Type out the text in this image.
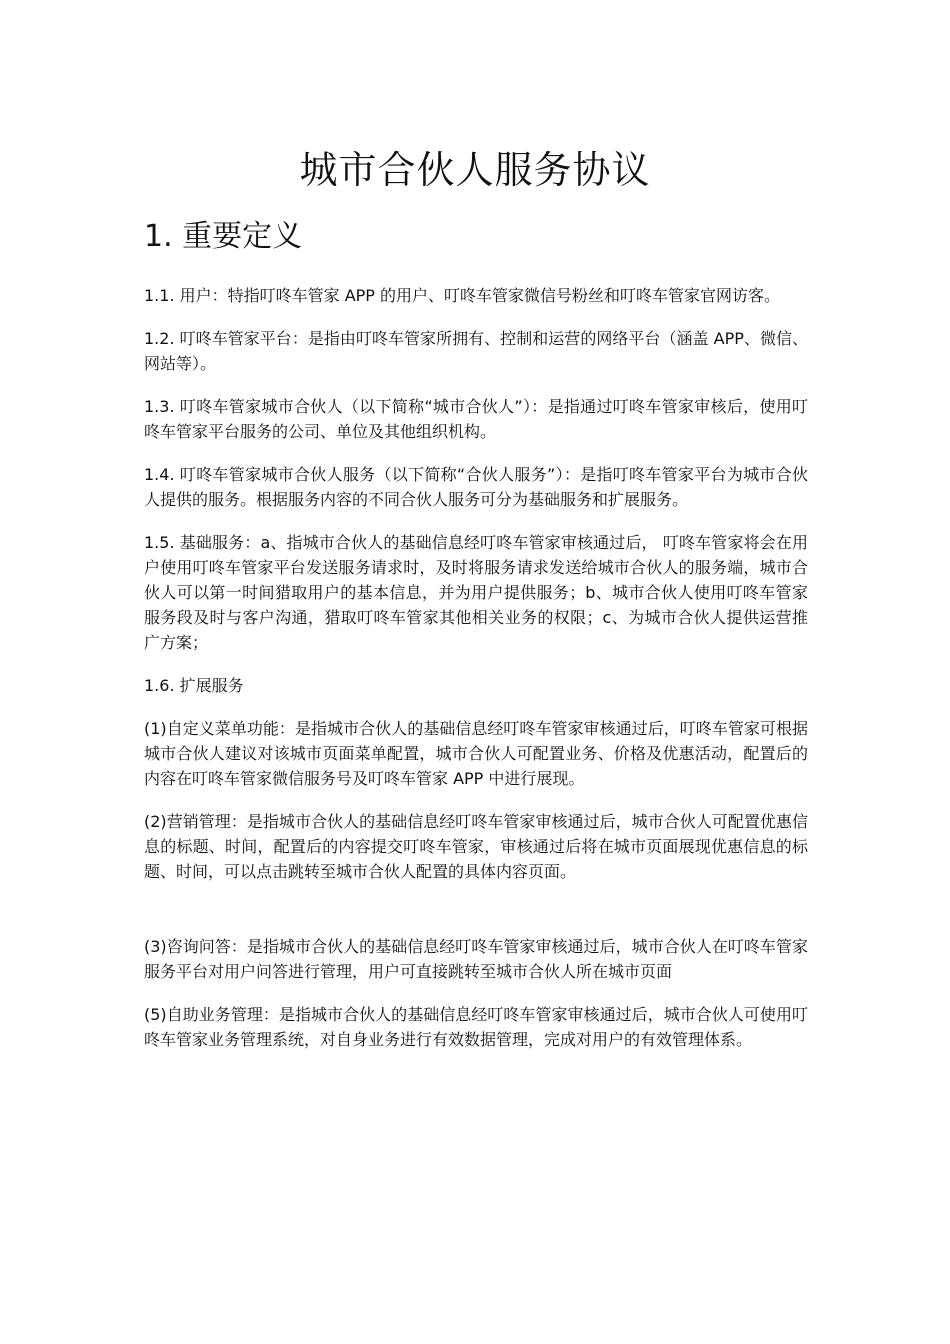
城市合伙人服务协议
1. 重要定义

1.1. 用户：特指叮咚车管家 APP 的用户、叮咚车管家微信号粉丝和叮咚车管家官网访客。

1.2. 叮咚车管家平台：是指由叮咚车管家所拥有、控制和运营的网络平台（涵盖 APP、微信、网站等）。

1.3. 叮咚车管家城市合伙人（以下简称“城市合伙人”）：是指通过叮咚车管家审核后，使用叮咚车管家平台服务的公司、单位及其他组织机构。

1.4. 叮咚车管家城市合伙人服务（以下简称“合伙人服务”）：是指叮咚车管家平台为城市合伙人提供的服务。根据服务内容的不同合伙人服务可分为基础服务和扩展服务。

1.5. 基础服务：a、指城市合伙人的基础信息经叮咚车管家审核通过后， 叮咚车管家将会在用户使用叮咚车管家平台发送服务请求时，及时将服务请求发送给城市合伙人的服务端，城市合伙人可以第一时间猎取用户的基本信息，并为用户提供服务；b、城市合伙人使用叮咚车管家服务段及时与客户沟通，猎取叮咚车管家其他相关业务的权限；c、为城市合伙人提供运营推广方案；

1.6. 扩展服务

(1)自定义菜单功能：是指城市合伙人的基础信息经叮咚车管家审核通过后，叮咚车管家可根据城市合伙人建议对该城市页面菜单配置，城市合伙人可配置业务、价格及优惠活动，配置后的内容在叮咚车管家微信服务号及叮咚车管家 APP 中进行展现。

(2)营销管理：是指城市合伙人的基础信息经叮咚车管家审核通过后，城市合伙人可配置优惠信息的标题、时间，配置后的内容提交叮咚车管家，审核通过后将在城市页面展现优惠信息的标题、时间，可以点击跳转至城市合伙人配置的具体内容页面。

(3)咨询问答：是指城市合伙人的基础信息经叮咚车管家审核通过后，城市合伙人在叮咚车管家服务平台对用户问答进行管理，用户可直接跳转至城市合伙人所在城市页面

(5)自助业务管理：是指城市合伙人的基础信息经叮咚车管家审核通过后，城市合伙人可使用叮咚车管家业务管理系统，对自身业务进行有效数据管理，完成对用户的有效管理体系。
